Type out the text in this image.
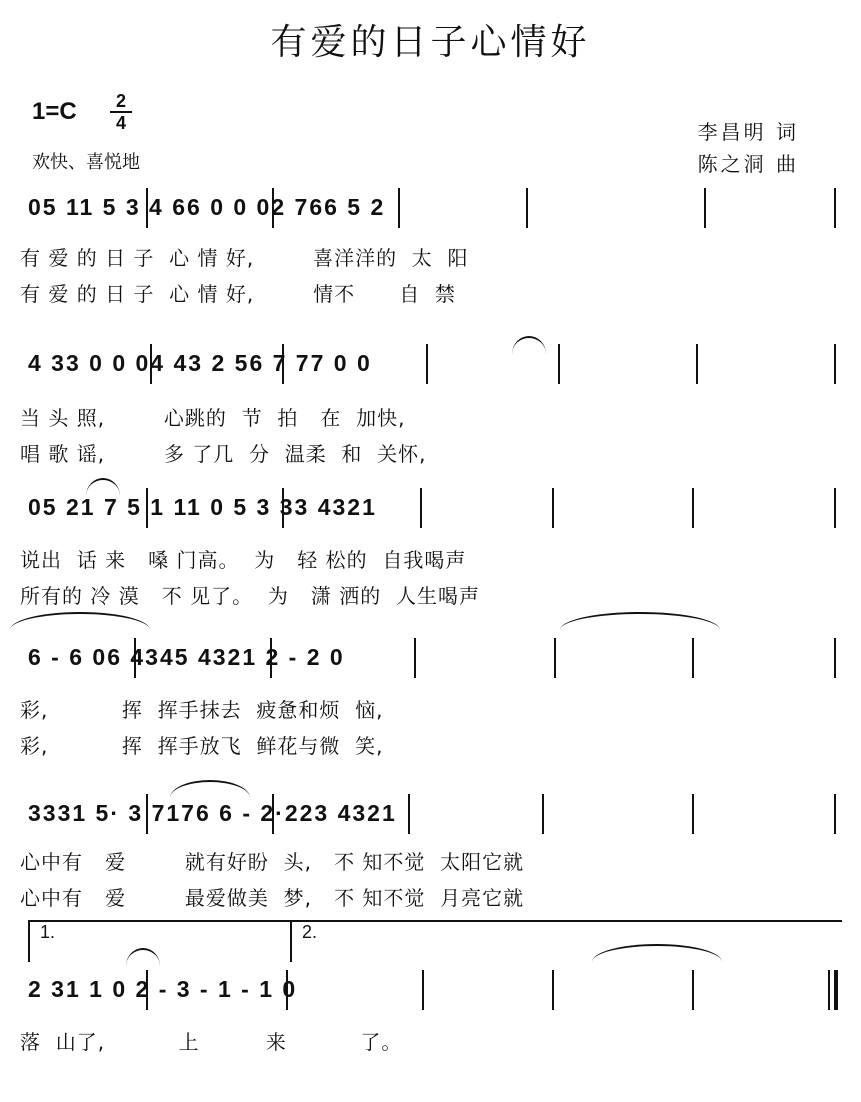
有爱的日子心情好
1=C	2
4
欢快、喜悦地
李昌明 词
陈之洞 曲
05 11 5 3 4 66 0 0 02 766 5 2
有 爱 的 日 子  心 情 好,        喜洋洋的  太  阳
有 爱 的 日 子  心 情 好,        情不      自  禁
4 33 0 0 04 43 2 56 7 77 0 0
当 头 照,        心跳的  节  拍   在  加快,
唱 歌 谣,        多 了几  分  温柔  和  关怀,
05 21 7 5 1 11 0 5 3 33 4321
说出  话 来   嗓 门高。  为   轻 松的  自我喝声
所有的 冷 漠   不 见了。  为   潇 洒的  人生喝声
6 - 6 06 4345 4321 2 - 2 0
彩,          挥  挥手抹去  疲惫和烦  恼,
彩,          挥  挥手放飞  鲜花与微  笑,
3331 5· 3 7176 6 - 2·223 4321
心中有   爱        就有好盼  头,   不 知不觉  太阳它就
心中有   爱        最爱做美  梦,   不 知不觉  月亮它就
1.	2.
2 31 1 0 2 - 3 - 1 - 1 0
落  山了,          上         来          了。
